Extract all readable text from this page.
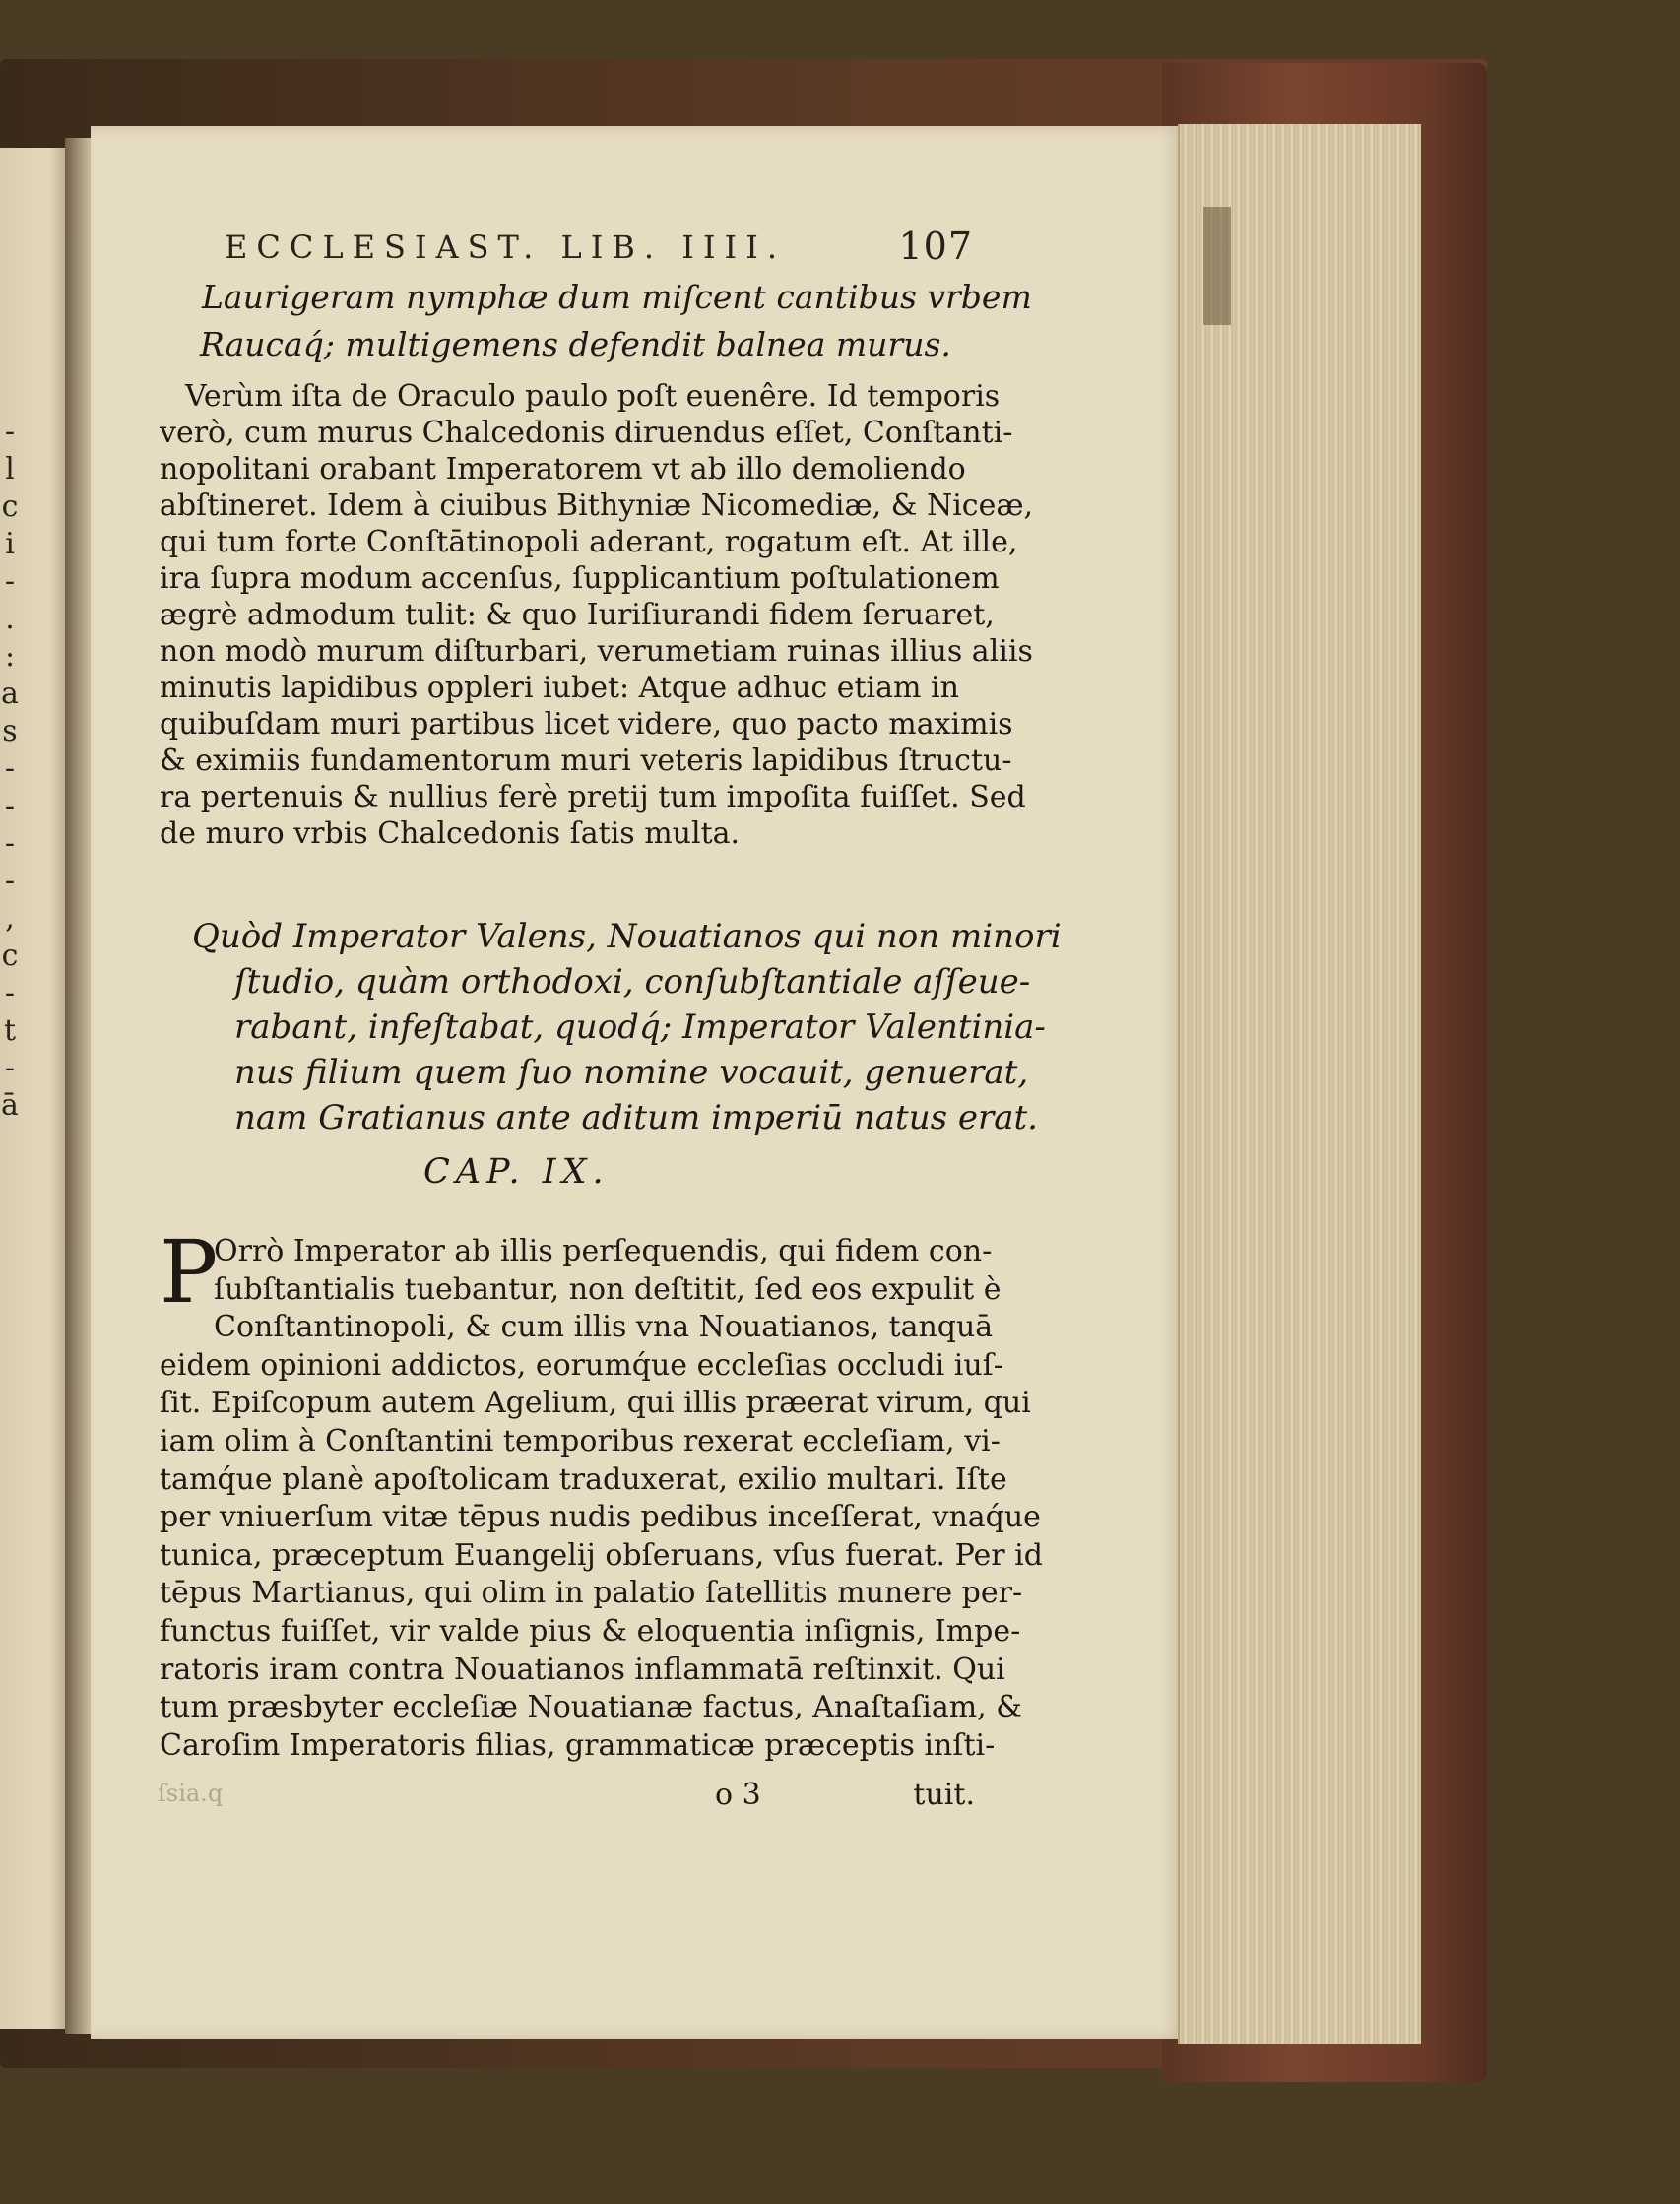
-
l
c
i
-
.
:
a
s
-
-
-
-
,
c
-
t
-
ā
ECCLESIAST. LIB. IIII.	107
Laurigeram nymphæ dum miſcent cantibus vrbem
Raucaq́; multigemens defendit balnea murus.
Verùm iſta de Oraculo paulo poſt euenêre. Id temporis
verò, cum murus Chalcedonis diruendus eſſet, Conſtanti-
nopolitani orabant Imperatorem vt ab illo demoliendo
abſtineret. Idem à ciuibus Bithyniæ Nicomediæ, & Niceæ,
qui tum forte Conſtātinopoli aderant, rogatum eſt. At ille,
ira ſupra modum accenſus, ſupplicantium poſtulationem
ægrè admodum tulit: & quo Iuriſiurandi fidem ſeruaret,
non modò murum diſturbari, verumetiam ruinas illius aliis
minutis lapidibus oppleri iubet: Atque adhuc etiam in
quibuſdam muri partibus licet videre, quo pacto maximis
& eximiis fundamentorum muri veteris lapidibus ſtructu-
ra pertenuis & nullius ferè pretij tum impoſita fuiſſet. Sed
de muro vrbis Chalcedonis ſatis multa.
Quòd Imperator Valens, Nouatianos qui non minori
ſtudio, quàm orthodoxi, conſubſtantiale aſſeue-
rabant, infeſtabat, quodq́; Imperator Valentinia-
nus filium quem ſuo nomine vocauit, genuerat,
nam Gratianus ante aditum imperiū natus erat.
CAP. IX.
P
Orrò Imperator ab illis perſequendis, qui fidem con-
ſubſtantialis tuebantur, non deſtitit, ſed eos expulit è
Conſtantinopoli, & cum illis vna Nouatianos, tanquā
eidem opinioni addictos, eorumq́ue eccleſias occludi iuſ-
ſit. Epiſcopum autem Agelium, qui illis præerat virum, qui
iam olim à Conſtantini temporibus rexerat eccleſiam, vi-
tamq́ue planè apoſtolicam traduxerat, exilio multari. Iſte
per vniuerſum vitæ tēpus nudis pedibus inceſſerat, vnaq́ue
tunica, præceptum Euangelij obſeruans, vſus fuerat. Per id
tēpus Martianus, qui olim in palatio ſatellitis munere per-
functus fuiſſet, vir valde pius & eloquentia inſignis, Impe-
ratoris iram contra Nouatianos inflammatā reſtinxit. Qui
tum præsbyter eccleſiæ Nouatianæ factus, Anaſtaſiam, &
Caroſim Imperatoris filias, grammaticæ præceptis inſti-
ſsia.q	o 3	tuit.
